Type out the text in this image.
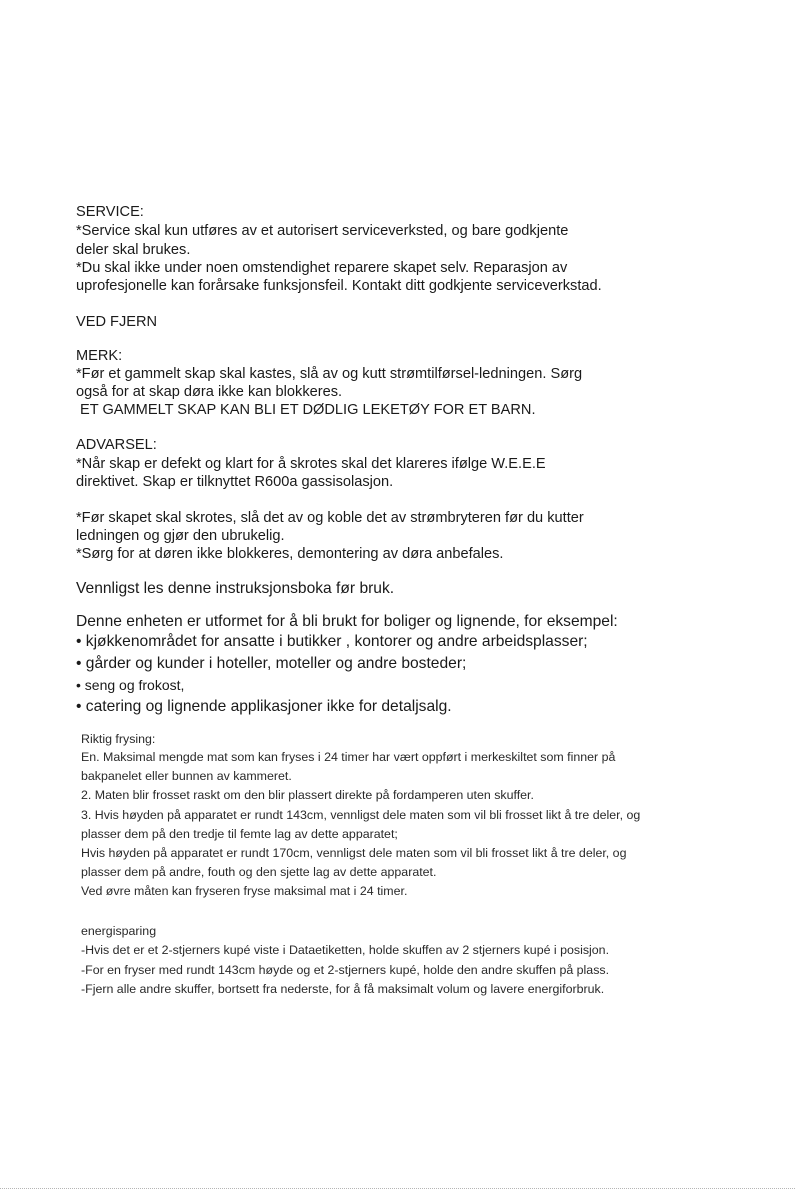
SERVICE:
*Service skal kun utføres av et autorisert serviceverksted, og bare godkjente
deler skal brukes.
*Du skal ikke under noen omstendighet reparere skapet selv. Reparasjon av
uprofesjonelle kan forårsake funksjonsfeil. Kontakt ditt godkjente serviceverkstad.
VED FJERN
MERK:
*Før et gammelt skap skal kastes, slå av og kutt strømtilførsel-ledningen. Sørg
også for at skap døra ikke kan blokkeres.
ET GAMMELT SKAP KAN BLI ET DØDLIG LEKETØY FOR ET BARN.
ADVARSEL:
*Når skap er defekt og klart for å skrotes skal det klareres ifølge W.E.E.E
direktivet. Skap er tilknyttet R600a gassisolasjon.
*Før skapet skal skrotes, slå det av og koble det av strømbryteren før du kutter
ledningen og gjør den ubrukelig.
*Sørg for at døren ikke blokkeres, demontering av døra anbefales.
Vennligst les denne instruksjonsboka før bruk.
Denne enheten er utformet for å bli brukt for boliger og lignende, for eksempel:
• kjøkkenområdet for ansatte i butikker , kontorer og andre arbeidsplasser;
• gårder og kunder i hoteller, moteller og andre bosteder;
• seng og frokost,
• catering og lignende applikasjoner ikke for detaljsalg.
Riktig frysing:
En. Maksimal mengde mat som kan fryses i 24 timer har vært oppført i merkeskiltet som finner på
bakpanelet eller bunnen av kammeret.
2. Maten blir frosset raskt om den blir plassert direkte på fordamperen uten skuffer.
3. Hvis høyden på apparatet er rundt 143cm, vennligst dele maten som vil bli frosset likt å tre deler, og
plasser dem på den tredje til femte lag av dette apparatet;
Hvis høyden på apparatet er rundt 170cm, vennligst dele maten som vil bli frosset likt å tre deler, og
plasser dem på andre, fouth og den sjette lag av dette apparatet.
Ved øvre måten kan fryseren fryse maksimal mat i 24 timer.
energisparing
-Hvis det er et 2-stjerners kupé viste i Dataetiketten, holde skuffen av 2 stjerners kupé i posisjon.
-For en fryser med rundt 143cm høyde og et 2-stjerners kupé, holde den andre skuffen på plass.
-Fjern alle andre skuffer, bortsett fra nederste, for å få maksimalt volum og lavere energiforbruk.
